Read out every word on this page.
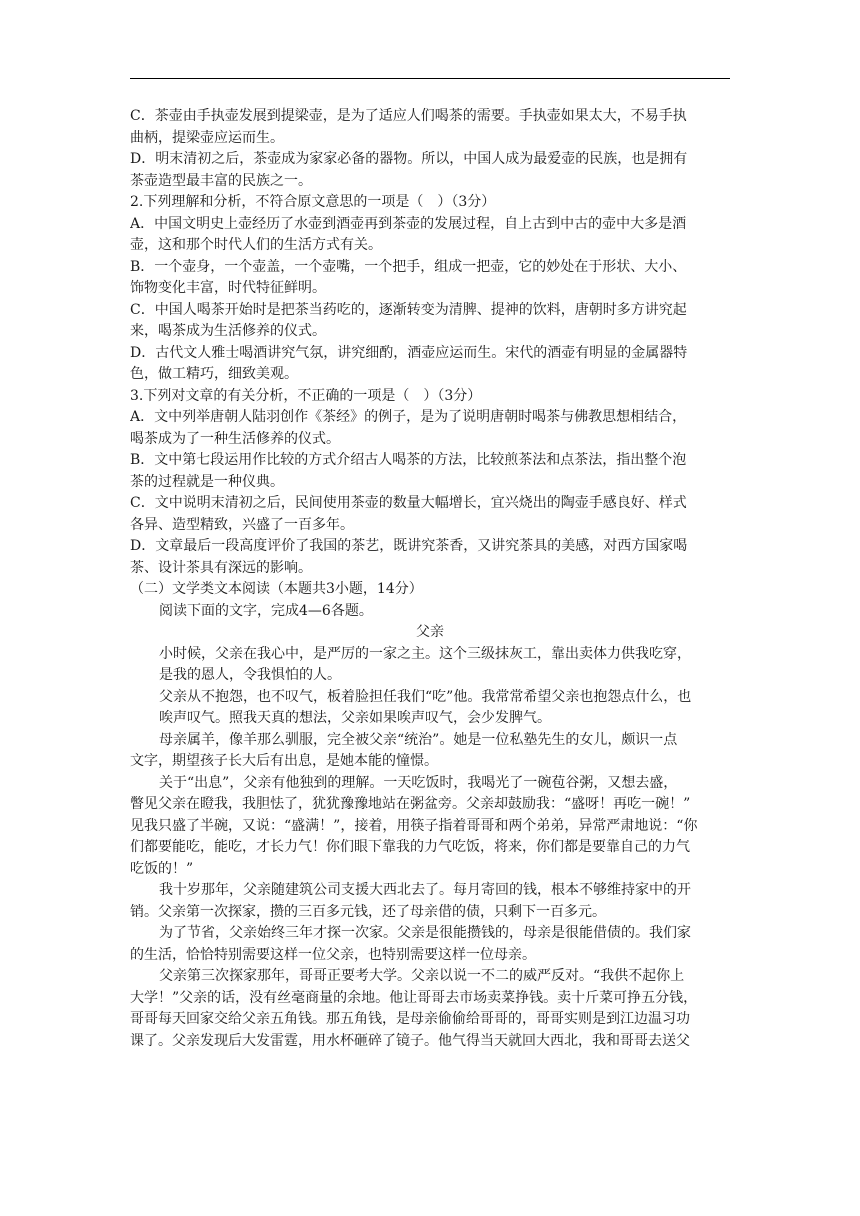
C．茶壶由手执壶发展到提梁壶，是为了适应人们喝茶的需要。手执壶如果太大，不易手执
曲柄，提梁壶应运而生。
D．明末清初之后，茶壶成为家家必备的器物。所以，中国人成为最爱壶的民族，也是拥有
茶壶造型最丰富的民族之一。
2.下列理解和分析，不符合原文意思的一项是（　）（3分）
A．中国文明史上壶经历了水壶到酒壶再到茶壶的发展过程，自上古到中古的壶中大多是酒
壶，这和那个时代人们的生活方式有关。
B．一个壶身，一个壶盖，一个壶嘴，一个把手，组成一把壶，它的妙处在于形状、大小、
饰物变化丰富，时代特征鲜明。
C．中国人喝茶开始时是把茶当药吃的，逐渐转变为清脾、提神的饮料，唐朝时多方讲究起
来，喝茶成为生活修养的仪式。
D．古代文人雅士喝酒讲究气氛，讲究细酌，酒壶应运而生。宋代的酒壶有明显的金属器特
色，做工精巧，细致美观。
3.下列对文章的有关分析，不正确的一项是（　）（3分）
A．文中列举唐朝人陆羽创作《茶经》的例子，是为了说明唐朝时喝茶与佛教思想相结合，
喝茶成为了一种生活修养的仪式。
B．文中第七段运用作比较的方式介绍古人喝茶的方法，比较煎茶法和点茶法，指出整个泡
茶的过程就是一种仪典。
C．文中说明末清初之后，民间使用茶壶的数量大幅增长，宜兴烧出的陶壶手感良好、样式
各异、造型精致，兴盛了一百多年。
D．文章最后一段高度评价了我国的茶艺，既讲究茶香，又讲究茶具的美感，对西方国家喝
茶、设计茶具有深远的影响。
（二）文学类文本阅读（本题共3小题，14分）
阅读下面的文字，完成4—6各题。
父亲
小时候，父亲在我心中，是严厉的一家之主。这个三级抹灰工，靠出卖体力供我吃穿，
是我的恩人，令我惧怕的人。
父亲从不抱怨，也不叹气，板着脸担任我们“吃”他。我常常希望父亲也抱怨点什么，也
唉声叹气。照我天真的想法，父亲如果唉声叹气，会少发脾气。
母亲属羊，像羊那么驯服，完全被父亲“统治”。她是一位私塾先生的女儿，颇识一点
文字，期望孩子长大后有出息，是她本能的憧憬。
关于“出息”，父亲有他独到的理解。一天吃饭时，我喝光了一碗苞谷粥，又想去盛，
瞥见父亲在瞪我，我胆怯了，犹犹豫豫地站在粥盆旁。父亲却鼓励我：“盛呀！再吃一碗！”
见我只盛了半碗，又说：“盛满！”，接着，用筷子指着哥哥和两个弟弟，异常严肃地说：“你
们都要能吃，能吃，才长力气！你们眼下靠我的力气吃饭，将来，你们都是要靠自己的力气
吃饭的！”
我十岁那年，父亲随建筑公司支援大西北去了。每月寄回的钱，根本不够维持家中的开
销。父亲第一次探家，攒的三百多元钱，还了母亲借的债，只剩下一百多元。
为了节省，父亲始终三年才探一次家。父亲是很能攒钱的，母亲是很能借债的。我们家
的生活，恰恰特别需要这样一位父亲，也特别需要这样一位母亲。
父亲第三次探家那年，哥哥正要考大学。父亲以说一不二的威严反对。“我供不起你上
大学！”父亲的话，没有丝毫商量的余地。他让哥哥去市场卖菜挣钱。卖十斤菜可挣五分钱，
哥哥每天回家交给父亲五角钱。那五角钱，是母亲偷偷给哥哥的，哥哥实则是到江边温习功
课了。父亲发现后大发雷霆，用水杯砸碎了镜子。他气得当天就回大西北，我和哥哥去送父
